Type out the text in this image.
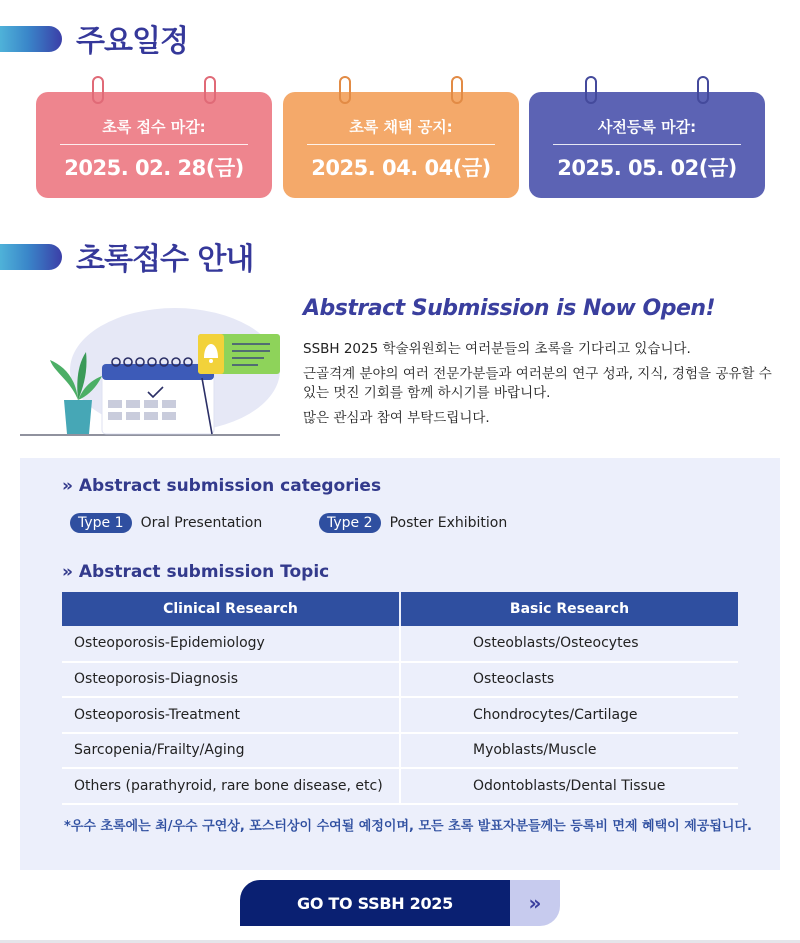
주요일정
초록 접수 마감:
2025. 02. 28(금)
초록 채택 공지:
2025. 04. 04(금)
사전등록 마감:
2025. 05. 02(금)
초록접수 안내
Abstract Submission is Now Open!

SSBH 2025 학술위원회는 여러분들의 초록을 기다리고 있습니다.

근골격계 분야의 여러 전문가분들과 여러분의 연구 성과, 지식, 경험을 공유할 수 있는 멋진 기회를 함께 하시기를 바랍니다.

많은 관심과 참여 부탁드립니다.

» Abstract submission categories
Type 1 Oral Presentation	Type 2 Poster Exhibition
» Abstract submission Topic
Clinical Research	Basic Research
Osteoporosis-Epidemiology	Osteoblasts/Osteocytes
Osteoporosis-Diagnosis	Osteoclasts
Osteoporosis-Treatment	Chondrocytes/Cartilage
Sarcopenia/Frailty/Aging	Myoblasts/Muscle
Others (parathyroid, rare bone disease, etc)	Odontoblasts/Dental Tissue
*우수 초록에는 최/우수 구연상, 포스터상이 수여될 예정이며, 모든 초록 발표자분들께는 등록비 면제 혜택이 제공됩니다.
GO TO SSBH 2025	»
